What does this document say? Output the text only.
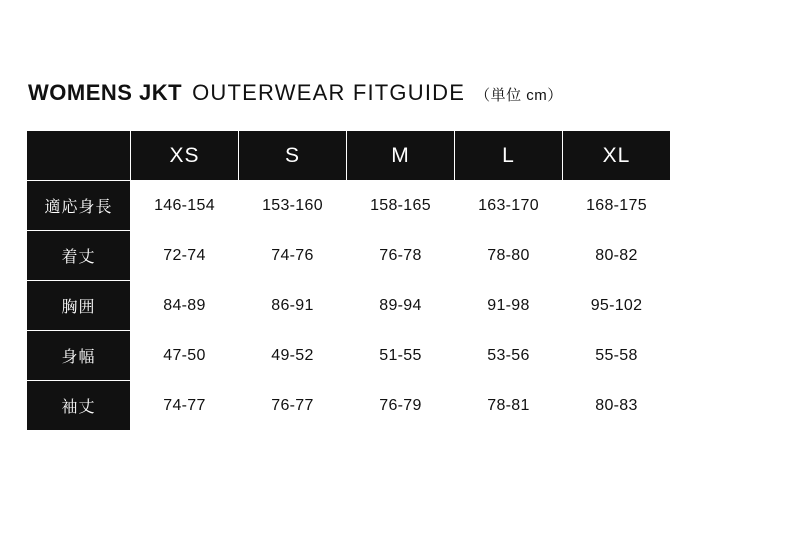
WOMENS JKT OUTERWEAR FITGUIDE （単位 cm）
	XS	S	M	L	XL
適応身長	146-154	153-160	158-165	163-170	168-175
着丈	72-74	74-76	76-78	78-80	80-82
胸囲	84-89	86-91	89-94	91-98	95-102
身幅	47-50	49-52	51-55	53-56	55-58
袖丈	74-77	76-77	76-79	78-81	80-83
